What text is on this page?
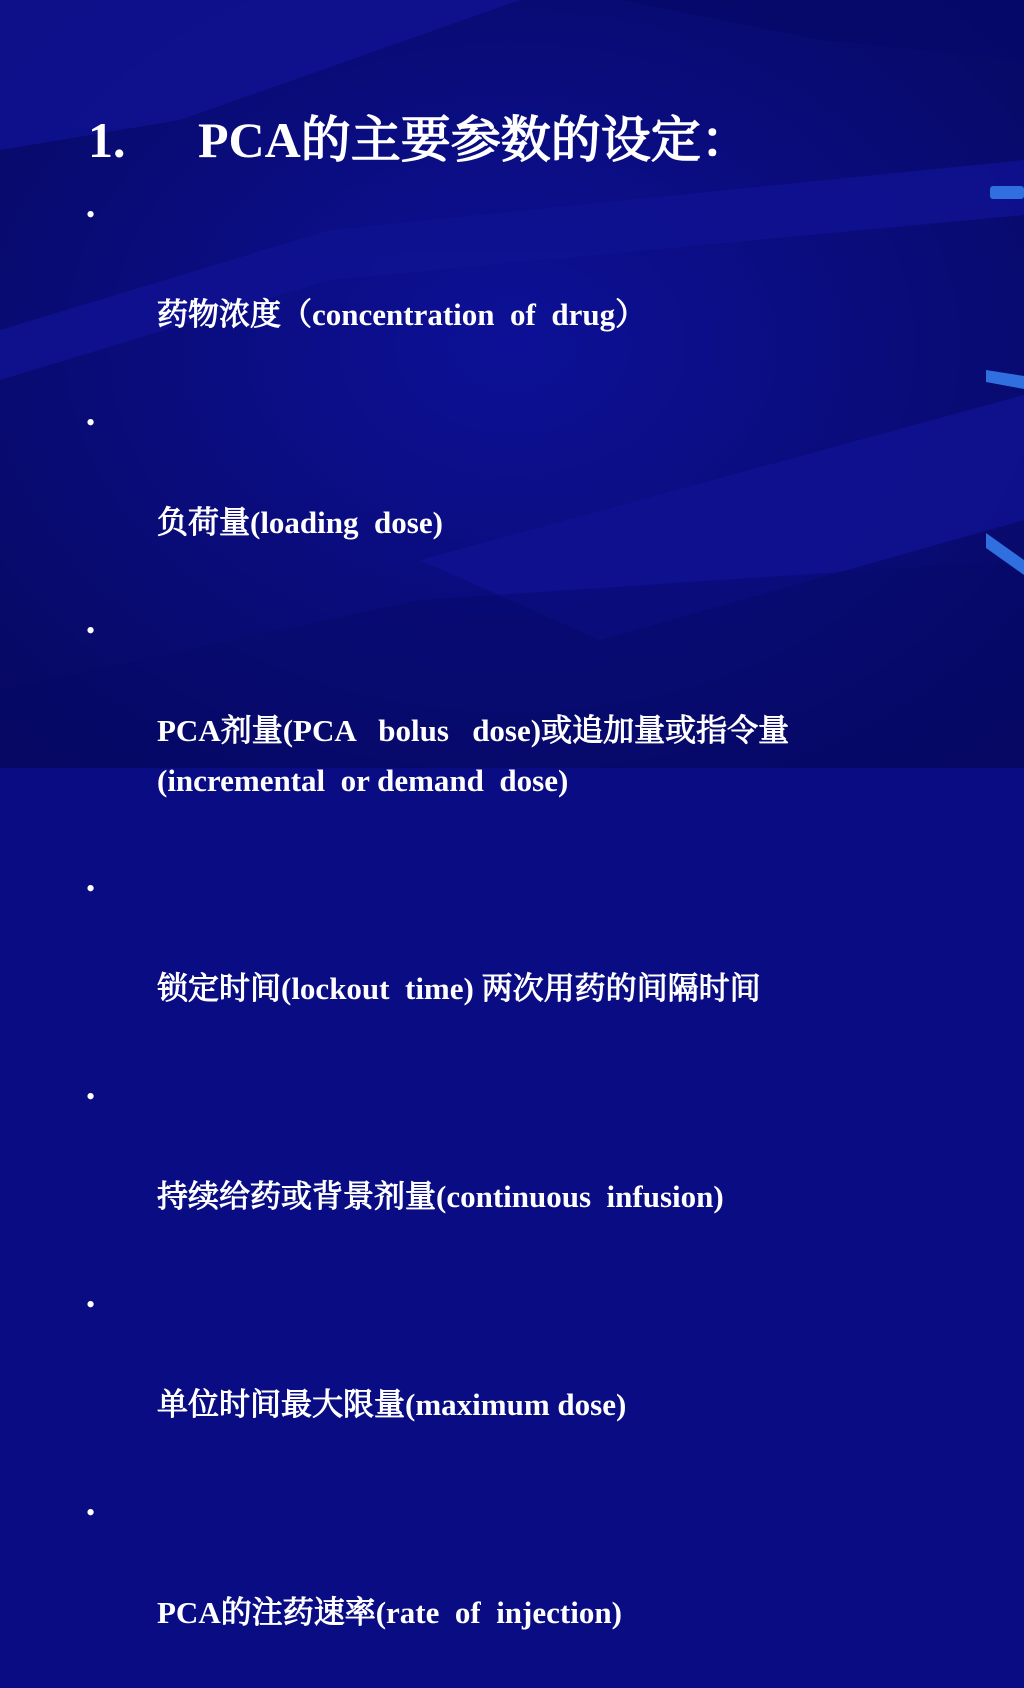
1. PCA的主要参数的设定：

•

药物浓度（concentration  of  drug）

•

负荷量(loading  dose)

•

PCA剂量(PCA   bolus   dose)或追加量或指令量
(incremental  or demand  dose)

•

锁定时间(lockout  time) 两次用药的间隔时间

•

持续给药或背景剂量(continuous  infusion)

•

单位时间最大限量(maximum dose)

•

PCA的注药速率(rate  of  injection)
